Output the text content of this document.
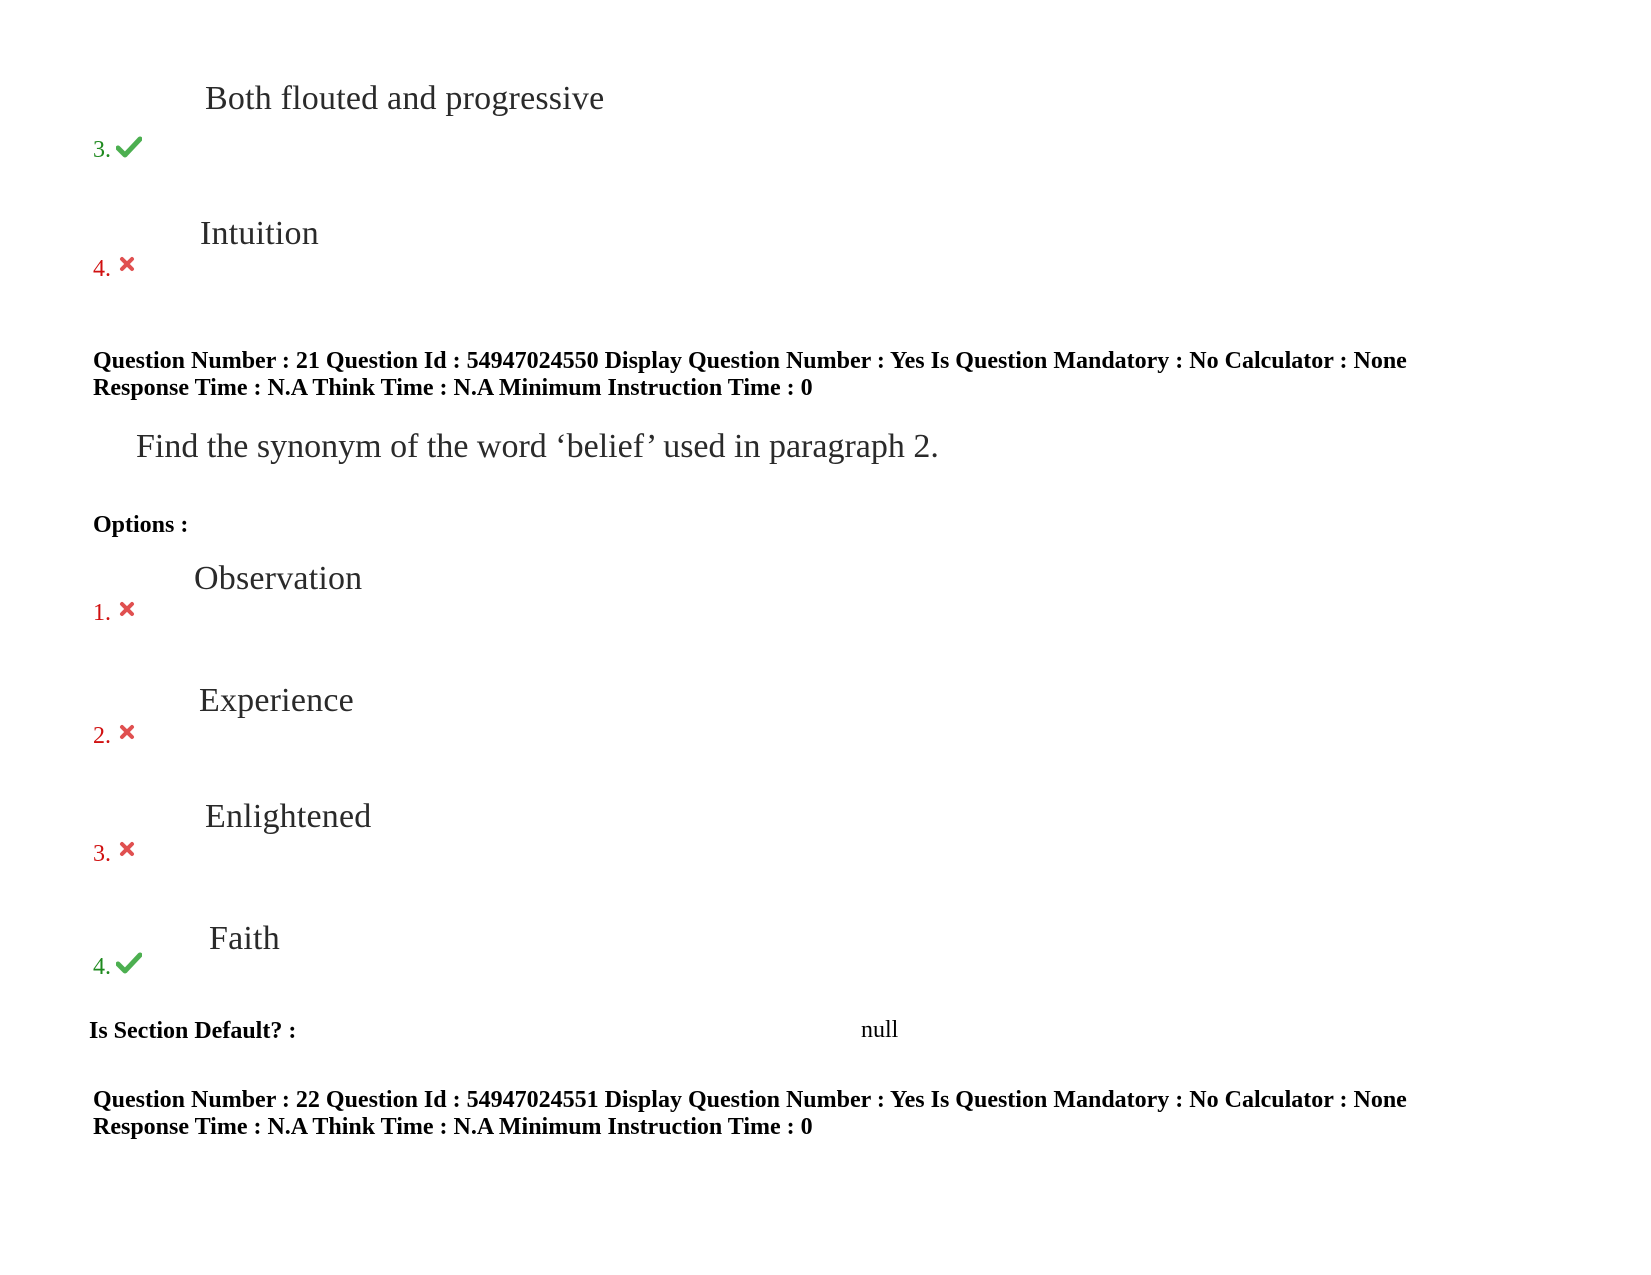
Both flouted and progressive
3.
Intuition
4.
Question Number : 21 Question Id : 54947024550 Display Question Number : Yes Is Question Mandatory : No Calculator : None
Response Time : N.A Think Time : N.A Minimum Instruction Time : 0
Find the synonym of the word ‘belief’ used in paragraph 2.
Options :
Observation
1.
Experience
2.
Enlightened
3.
Faith
4.
Is Section Default? :	null
Question Number : 22 Question Id : 54947024551 Display Question Number : Yes Is Question Mandatory : No Calculator : None
Response Time : N.A Think Time : N.A Minimum Instruction Time : 0
